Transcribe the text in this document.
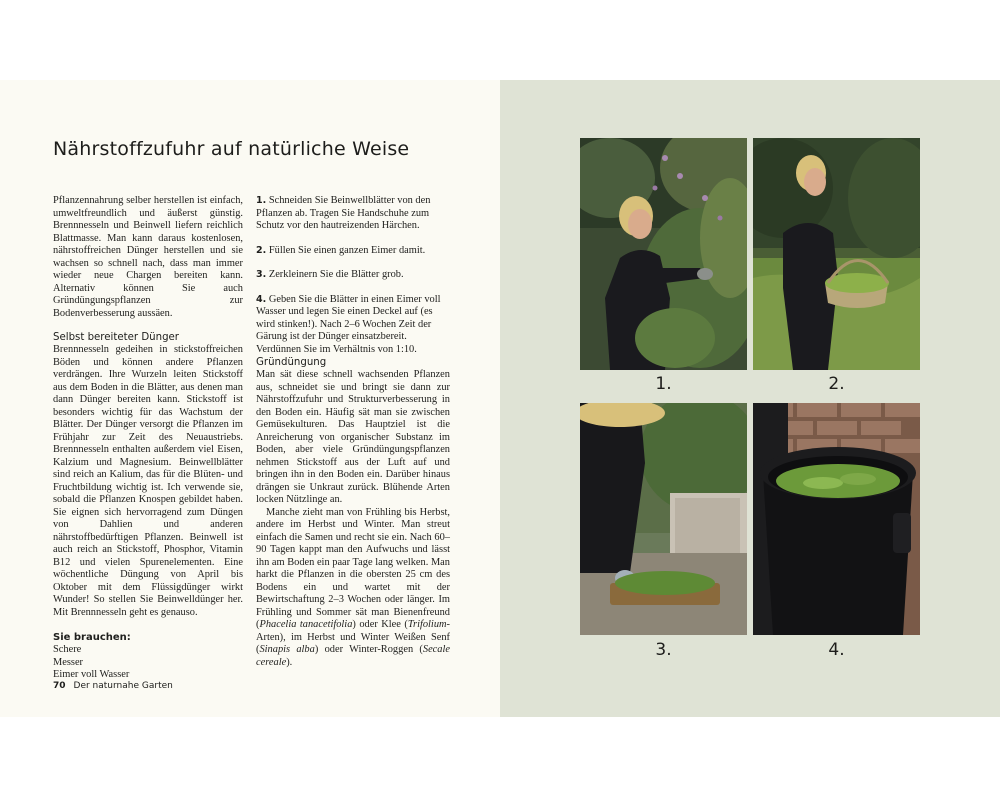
Nährstoffzufuhr auf natürliche Weise

Pflanzennahrung selber herstellen ist einfach, umweltfreundlich und äußerst günstig. Brennnesseln und Beinwell liefern reichlich Blattmasse. Man kann daraus kostenlosen, nährstoffreichen Dünger herstellen und sie wachsen so schnell nach, dass man immer wieder neue Chargen bereiten kann. Alternativ können Sie auch Gründüngungspflanzen zur Bodenverbesserung aussäen.

Selbst bereiteter Dünger

Brennnesseln gedeihen in stickstoffreichen Böden und können andere Pflanzen verdrängen. Ihre Wurzeln leiten Stickstoff aus dem Boden in die Blätter, aus denen man dann Dünger bereiten kann. Stickstoff ist besonders wichtig für das Wachstum der Blätter. Der Dünger versorgt die Pflanzen im Frühjahr zur Zeit des Neuaustriebs. Brennnesseln enthalten außerdem viel Eisen, Kalzium und Magnesium. Beinwellblätter sind reich an Kalium, das für die Blüten- und Fruchtbildung wichtig ist. Ich verwende sie, sobald die Pflanzen Knospen gebildet haben. Sie eignen sich hervorragend zum Düngen von Dahlien und anderen nährstoffbedürftigen Pflanzen. Beinwell ist auch reich an Stickstoff, Phosphor, Vitamin B12 und vielen Spurenelementen. Eine wöchentliche Düngung von April bis Oktober mit dem Flüssigdünger wirkt Wunder! So stellen Sie Beinwelldünger her. Mit Brennnesseln geht es genauso.

Sie brauchen:

Schere

Messer

Eimer voll Wasser

1. Schneiden Sie Beinwellblätter von den Pflanzen ab. Tragen Sie Handschuhe zum Schutz vor den hautreizenden Härchen.

2. Füllen Sie einen ganzen Eimer damit.

3. Zerkleinern Sie die Blätter grob.

4. Geben Sie die Blätter in einen Eimer voll Wasser und legen Sie einen Deckel auf (es wird stinken!). Nach 2–6 Wochen Zeit der Gärung ist der Dünger einsatzbereit. Verdünnen Sie im Verhältnis von 1:10.

Gründüngung

Man sät diese schnell wachsenden Pflanzen aus, schneidet sie und bringt sie dann zur Nährstoffzufuhr und Strukturverbesserung in den Boden ein. Häufig sät man sie zwischen Gemüsekulturen. Das Hauptziel ist die Anreicherung von organischer Substanz im Boden, aber viele Gründüngungspflanzen nehmen Stickstoff aus der Luft auf und bringen ihn in den Boden ein. Darüber hinaus drängen sie Unkraut zurück. Blühende Arten locken Nützlinge an.

Manche zieht man von Frühling bis Herbst, andere im Herbst und Winter. Man streut einfach die Samen und recht sie ein. Nach 60–90 Tagen kappt man den Aufwuchs und lässt ihn am Boden ein paar Tage lang welken. Man harkt die Pflanzen in die obersten 25 cm des Bodens ein und wartet mit der Bewirtschaftung 2–3 Wochen oder länger. Im Frühling und Sommer sät man Bienenfreund (Phacelia tanacetifolia) oder Klee (Trifolium-Arten), im Herbst und Winter Weißen Senf (Sinapis alba) oder Winter-Roggen (Secale cereale).

70 Der naturnahe Garten
1.	2.
3.	4.
